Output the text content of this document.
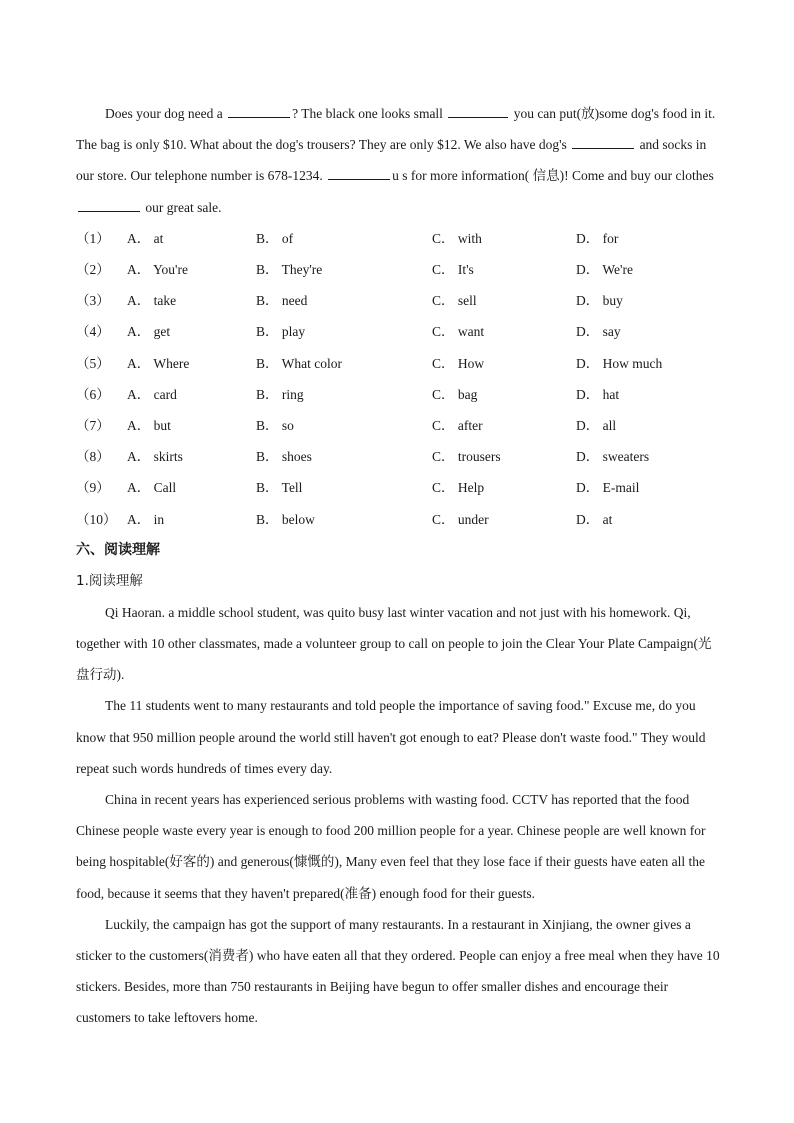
Does your dog need a	? The black one looks small	you can put(放)some dog's food in it. The bag is only $10. What about the dog's trousers? They are only $12. We also have dog's	and socks in our store. Our telephone number is 678-1234.	u s for more information( 信息)! Come and buy our clothes  our great sale.

（1） A． at	B． of	C． with	D． for
（2） A． You're	B． They're	C． It's	D． We're
（3） A． take	B． need	C． sell	D． buy
（4） A． get	B． play	C． want	D． say
（5） A． Where	B． What color	C． How	D． How much
（6） A． card	B． ring	C． bag	D． hat
（7） A． but	B． so	C． after	D． all
（8） A． skirts	B． shoes	C． trousers	D． sweaters
（9） A． Call	B． Tell	C． Help	D． E-mail
（10） A． in	B． below	C． under	D． at

六、阅读理解

1.阅读理解

Qi Haoran. a middle school student, was quito busy last winter vacation and not just with his homework. Qi, together with 10 other classmates, made a volunteer group to call on people to join the Clear Your Plate Campaign(光盘行动).

The 11 students went to many restaurants and told people the importance of saving food." Excuse me, do you know that 950 million people around the world still haven't got enough to eat? Please don't waste food." They would repeat such words hundreds of times every day.

China in recent years has experienced serious problems with wasting food. CCTV has reported that the food Chinese people waste every year is enough to food 200 million people for a year. Chinese people are well known for being hospitable(好客的) and generous(慷慨的), Many even feel that they lose face if their guests have eaten all the food, because it seems that they haven't prepared(准备) enough food for their guests.

Luckily, the campaign has got the support of many restaurants. In a restaurant in Xinjiang, the owner gives a sticker to the customers(消费者) who have eaten all that they ordered. People can enjoy a free meal when they have 10 stickers. Besides, more than 750 restaurants in Beijing have begun to offer smaller dishes and encourage their customers to take leftovers home.
